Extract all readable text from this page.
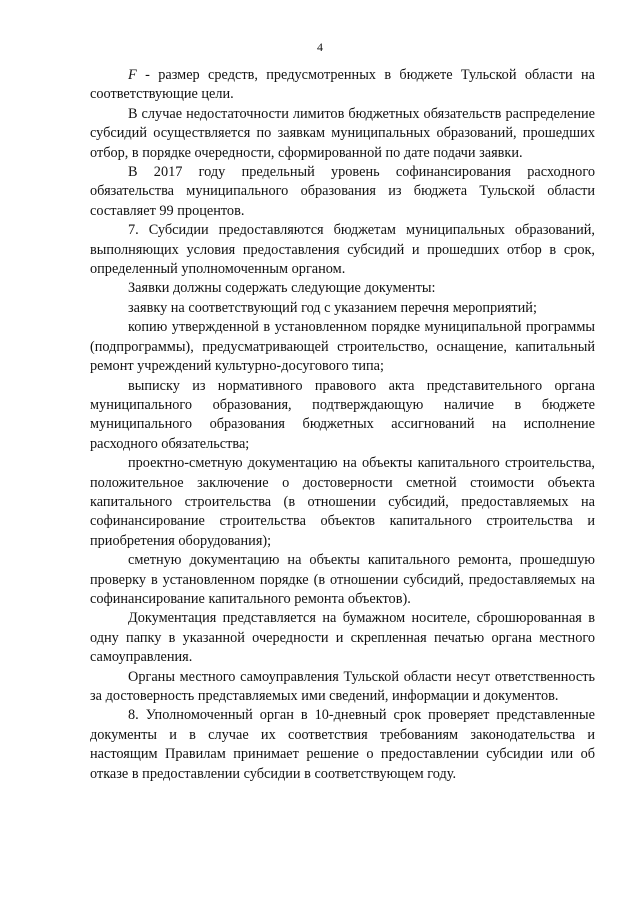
4

F - размер средств, предусмотренных в бюджете Тульской области на соответствующие цели.

В случае недостаточности лимитов бюджетных обязательств распределение субсидий осуществляется по заявкам муниципальных образований, прошедших отбор, в порядке очередности, сформированной по дате подачи заявки.

В 2017 году предельный уровень софинансирования расходного обязательства муниципального образования из бюджета Тульской области составляет 99 процентов.

7. Субсидии предоставляются бюджетам муниципальных образований, выполняющих условия предоставления субсидий и прошедших отбор в срок, определенный уполномоченным органом.

Заявки должны содержать следующие документы:

заявку на соответствующий год с указанием перечня мероприятий;

копию утвержденной в установленном порядке муниципальной программы (подпрограммы), предусматривающей строительство, оснащение, капитальный ремонт учреждений культурно-досугового типа;

выписку из нормативного правового акта представительного органа муниципального образования, подтверждающую наличие в бюджете муниципального образования бюджетных ассигнований на исполнение расходного обязательства;

проектно-сметную документацию на объекты капитального строительства, положительное заключение о достоверности сметной стоимости объекта капитального строительства (в отношении субсидий, предоставляемых на софинансирование строительства объектов капитального строительства и приобретения оборудования);

сметную документацию на объекты капитального ремонта, прошедшую проверку в установленном порядке (в отношении субсидий, предоставляемых на софинансирование капитального ремонта объектов).

Документация представляется на бумажном носителе, сброшюрованная в одну папку в указанной очередности и скрепленная печатью органа местного самоуправления.

Органы местного самоуправления Тульской области несут ответственность за достоверность представляемых ими сведений, информации и документов.

8. Уполномоченный орган в 10-дневный срок проверяет представленные документы и в случае их соответствия требованиям законодательства и настоящим Правилам принимает решение о предоставлении субсидии или об отказе в предоставлении субсидии в соответствующем году.
